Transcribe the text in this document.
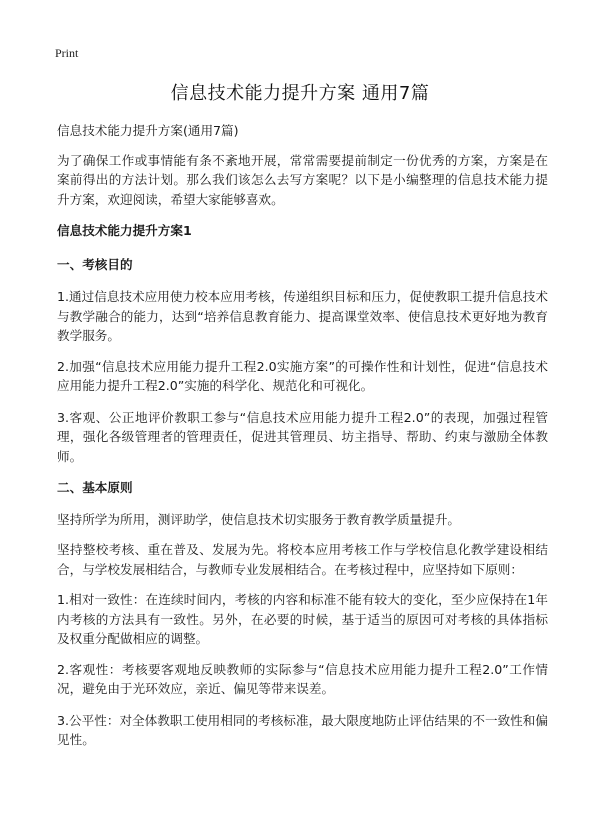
Print
信息技术能力提升方案 通用7篇

信息技术能力提升方案(通用7篇)

为了确保工作或事情能有条不紊地开展，常常需要提前制定一份优秀的方案，方案是在案前得出的方法计划。那么我们该怎么去写方案呢？以下是小编整理的信息技术能力提升方案，欢迎阅读，希望大家能够喜欢。

信息技术能力提升方案1
一、考核目的

1.通过信息技术应用使力校本应用考核，传递组织目标和压力，促使教职工提升信息技术与教学融合的能力，达到“培养信息教育能力、提高课堂效率、使信息技术更好地为教育教学服务。

2.加强“信息技术应用能力提升工程2.0实施方案”的可操作性和计划性，促进“信息技术应用能力提升工程2.0”实施的科学化、规范化和可视化。

3.客观、公正地评价教职工参与“信息技术应用能力提升工程2.0”的表现，加强过程管理，强化各级管理者的管理责任，促进其管理员、坊主指导、帮助、约束与激励全体教师。

二、基本原则

坚持所学为所用，测评助学，使信息技术切实服务于教育教学质量提升。

坚持整校考核、重在普及、发展为先。将校本应用考核工作与学校信息化教学建设相结合，与学校发展相结合，与教师专业发展相结合。在考核过程中，应坚持如下原则：

1.相对一致性：在连续时间内，考核的内容和标准不能有较大的变化，至少应保持在1年内考核的方法具有一致性。另外，在必要的时候，基于适当的原因可对考核的具体指标及权重分配做相应的调整。

2.客观性：考核要客观地反映教师的实际参与“信息技术应用能力提升工程2.0”工作情况，避免由于光环效应，亲近、偏见等带来误差。

3.公平性：对全体教职工使用相同的考核标准，最大限度地防止评估结果的不一致性和偏见性。
